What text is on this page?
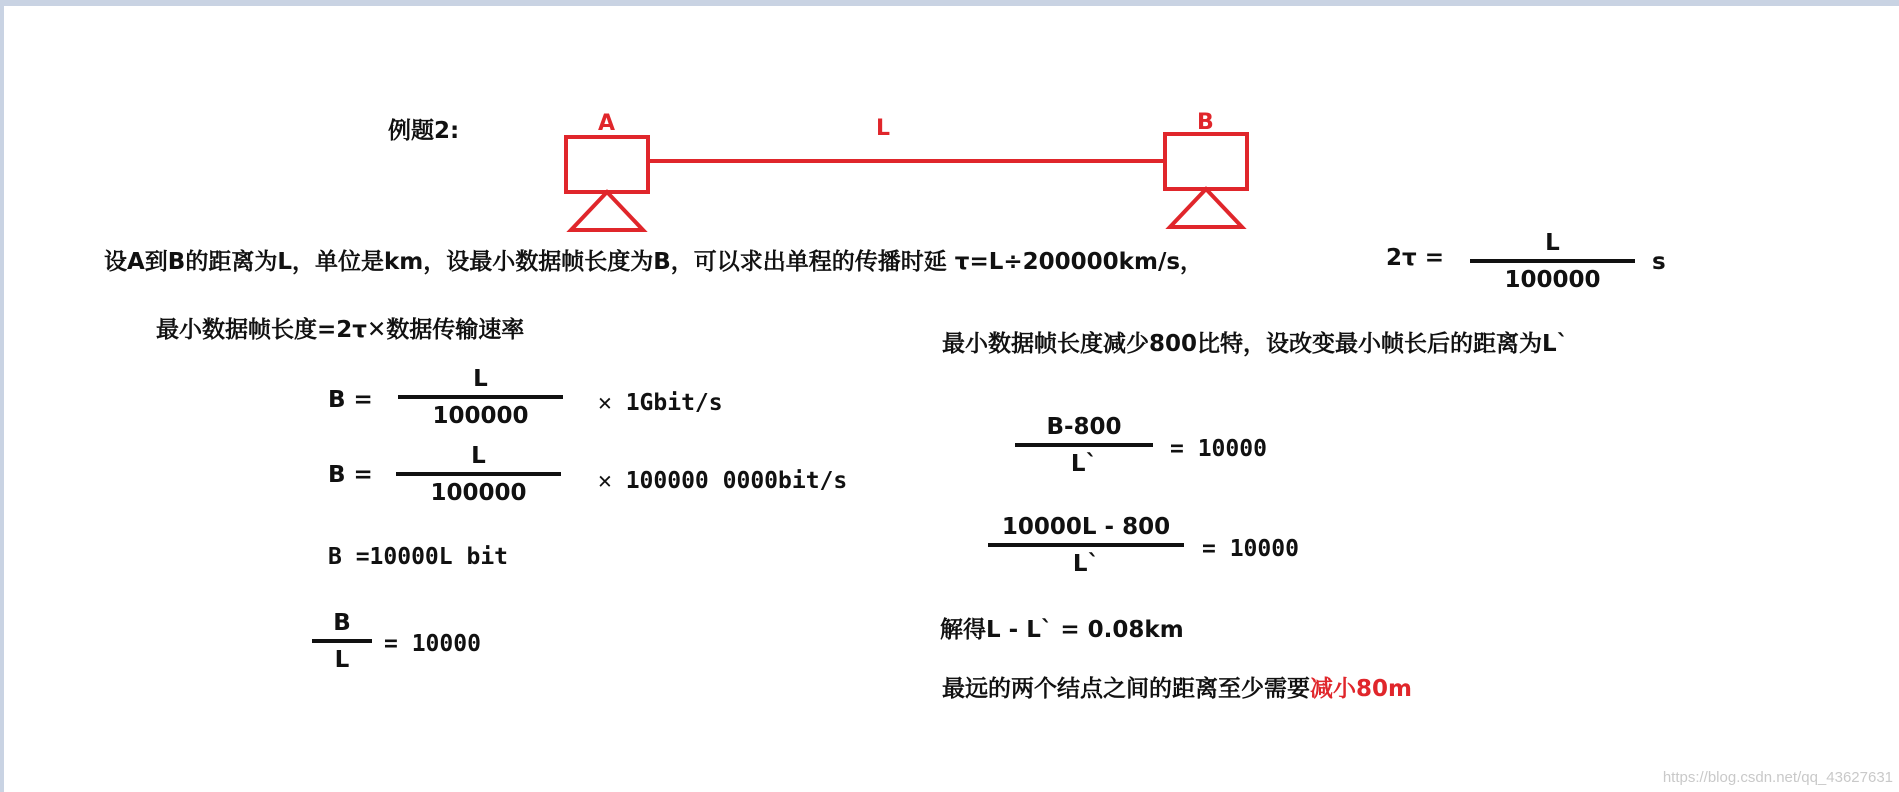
例题2:	A	B
L
设A到B的距离为L，单位是km，设最小数据帧长度为B，可以求出单程的传播时延 τ=L÷200000km/s，	2τ =
L
100000
s
最小数据帧长度=2τ✕数据传输速率
B =
L
100000	✕ 1Gbit/s
B =
L
100000	✕ 100000 0000bit/s
B =10000L bit
B
L
= 10000
最小数据帧长度减少800比特，设改变最小帧长后的距离为L`
B-800
L`
= 10000
10000L - 800
L`
= 10000
解得L - L` = 0.08km
最远的两个结点之间的距离至少需要减小80m
https://blog.csdn.net/qq_43627631
